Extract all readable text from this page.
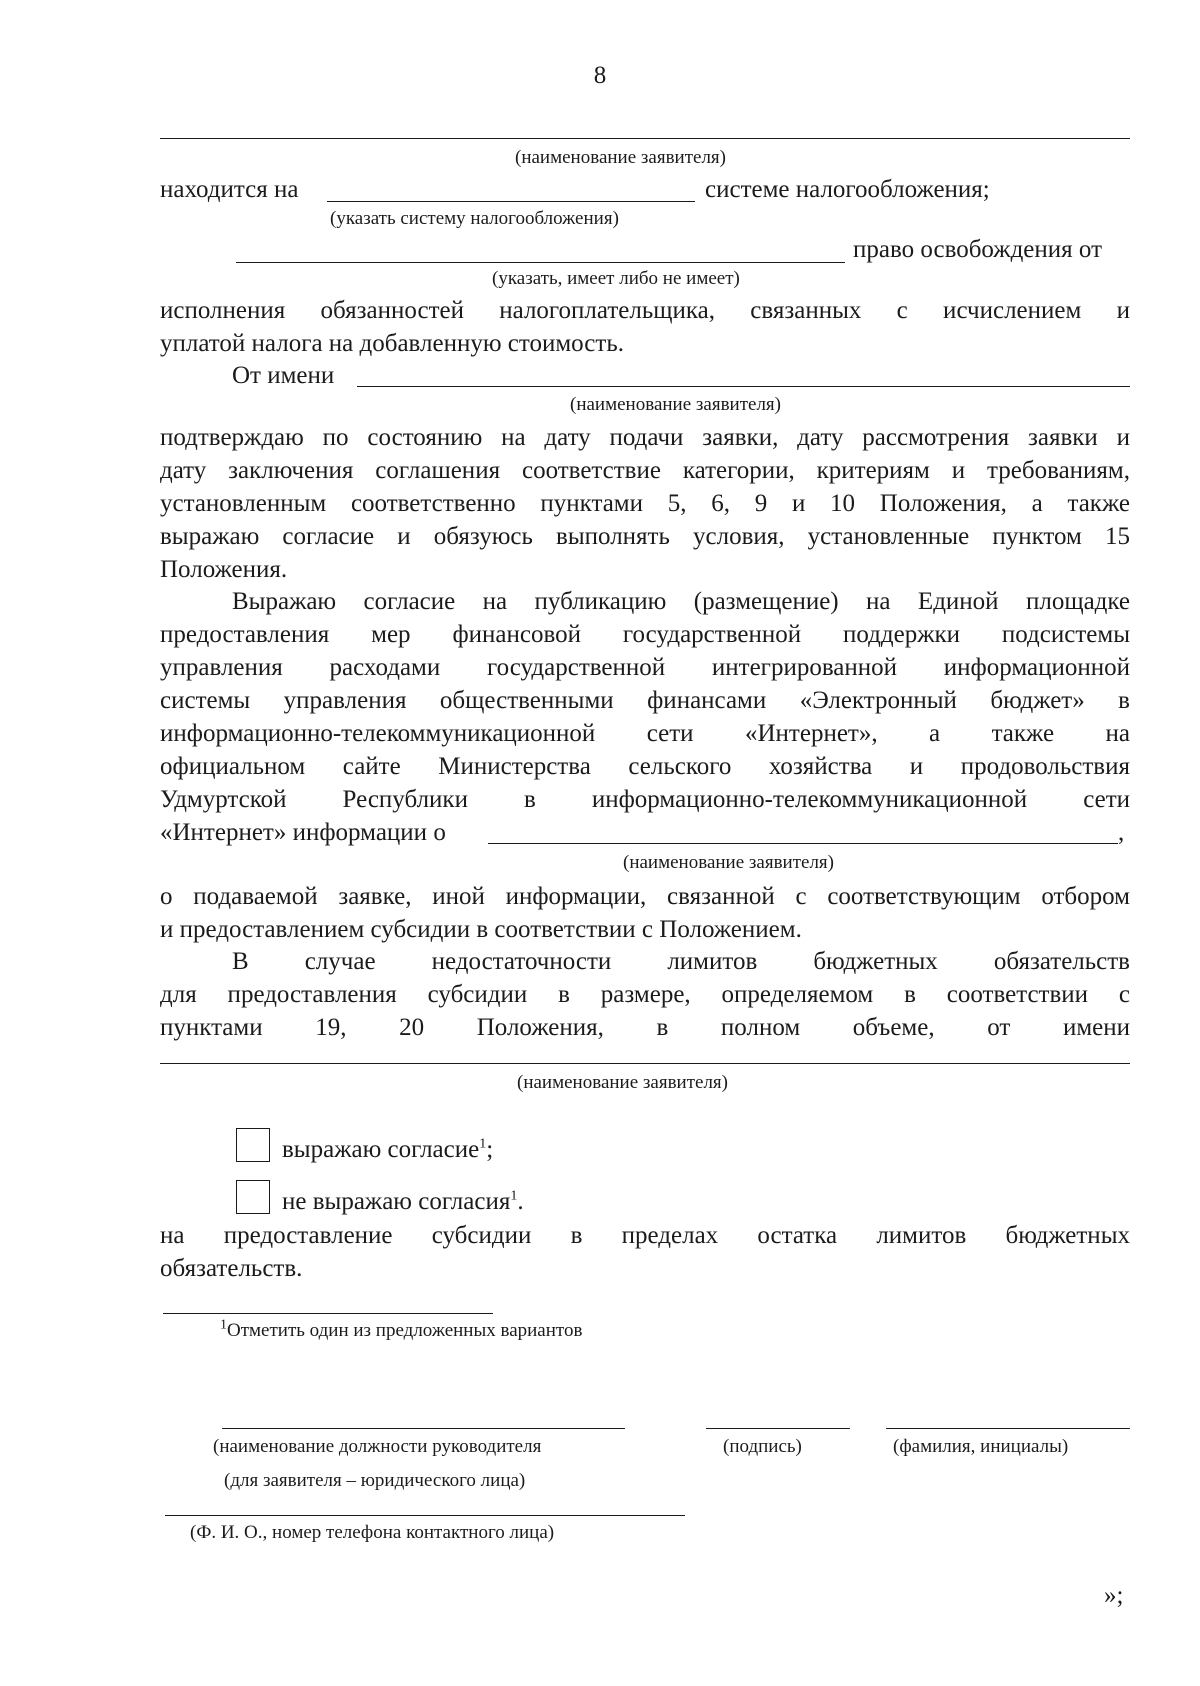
8
(наименование заявителя)
находится на	системе налогообложения;
(указать систему налогообложения)
право освобождения от
(указать, имеет либо не имеет)
исполнения обязанностей налогоплательщика, связанных с исчислением и
уплатой налога на добавленную стоимость.
От имени
(наименование заявителя)
подтверждаю по состоянию на дату подачи заявки, дату рассмотрения заявки и
дату заключения соглашения соответствие категории, критериям и требованиям,
установленным соответственно пунктами 5, 6, 9 и 10 Положения, а также
выражаю согласие и обязуюсь выполнять условия, установленные пунктом 15
Положения.
Выражаю согласие на публикацию (размещение) на Единой площадке
предоставления мер финансовой государственной поддержки подсистемы
управления расходами государственной интегрированной информационной
системы управления общественными финансами «Электронный бюджет» в
информационно-телекоммуникационной сети «Интернет», а также на
официальном сайте Министерства сельского хозяйства и продовольствия
Удмуртской Республики в информационно-телекоммуникационной сети
«Интернет» информации о	,
(наименование заявителя)
о подаваемой заявке, иной информации, связанной с соответствующим отбором
и предоставлением субсидии в соответствии с Положением.
В случае недостаточности лимитов бюджетных обязательств
для предоставления субсидии в размере, определяемом в соответствии с
пунктами 19, 20 Положения, в полном объеме, от имени
(наименование заявителя)
выражаю согласие$^1$;
не выражаю согласия$^1$.
на предоставление субсидии в пределах остатка лимитов бюджетных
обязательств.
$^1$Отметить один из предложенных вариантов
(наименование должности руководителя	(подпись)	(фамилия, инициалы)
(для заявителя – юридического лица)
(Ф. И. О., номер телефона контактного лица)
»;
